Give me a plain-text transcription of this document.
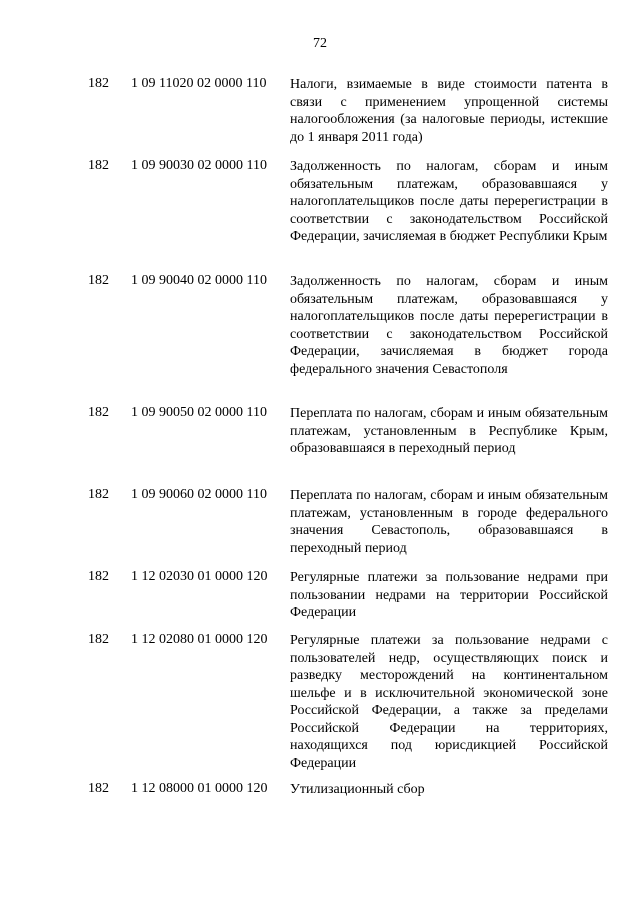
72
182 1 09 11020 02 0000 110 Налоги, взимаемые в виде стоимости патента в связи с применением упрощенной системы налогообложения (за налоговые периоды, истекшие до 1 января 2011 года)
182 1 09 90030 02 0000 110 Задолженность по налогам, сборам и иным обязательным платежам, образовавшаяся у налогоплательщиков после даты перерегистрации в соответствии с законодательством Российской Федерации, зачисляемая в бюджет Республики Крым
182 1 09 90040 02 0000 110 Задолженность по налогам, сборам и иным обязательным платежам, образовавшаяся у налогоплательщиков после даты перерегистрации в соответствии с законодательством Российской Федерации, зачисляемая в бюджет города федерального значения Севастополя
182 1 09 90050 02 0000 110 Переплата по налогам, сборам и иным обязательным платежам, установленным в Республике Крым, образовавшаяся в переходный период
182 1 09 90060 02 0000 110 Переплата по налогам, сборам и иным обязательным платежам, установленным в городе федерального значения Севастополь, образовавшаяся в переходный период
182 1 12 02030 01 0000 120 Регулярные платежи за пользование недрами при пользовании недрами на территории Российской Федерации
182 1 12 02080 01 0000 120 Регулярные платежи за пользование недрами с пользователей недр, осуществляющих поиск и разведку месторождений на континентальном шельфе и в исключительной экономической зоне Российской Федерации, а также за пределами Российской Федерации на территориях, находящихся под юрисдикцией Российской Федерации
182 1 12 08000 01 0000 120 Утилизационный сбор
